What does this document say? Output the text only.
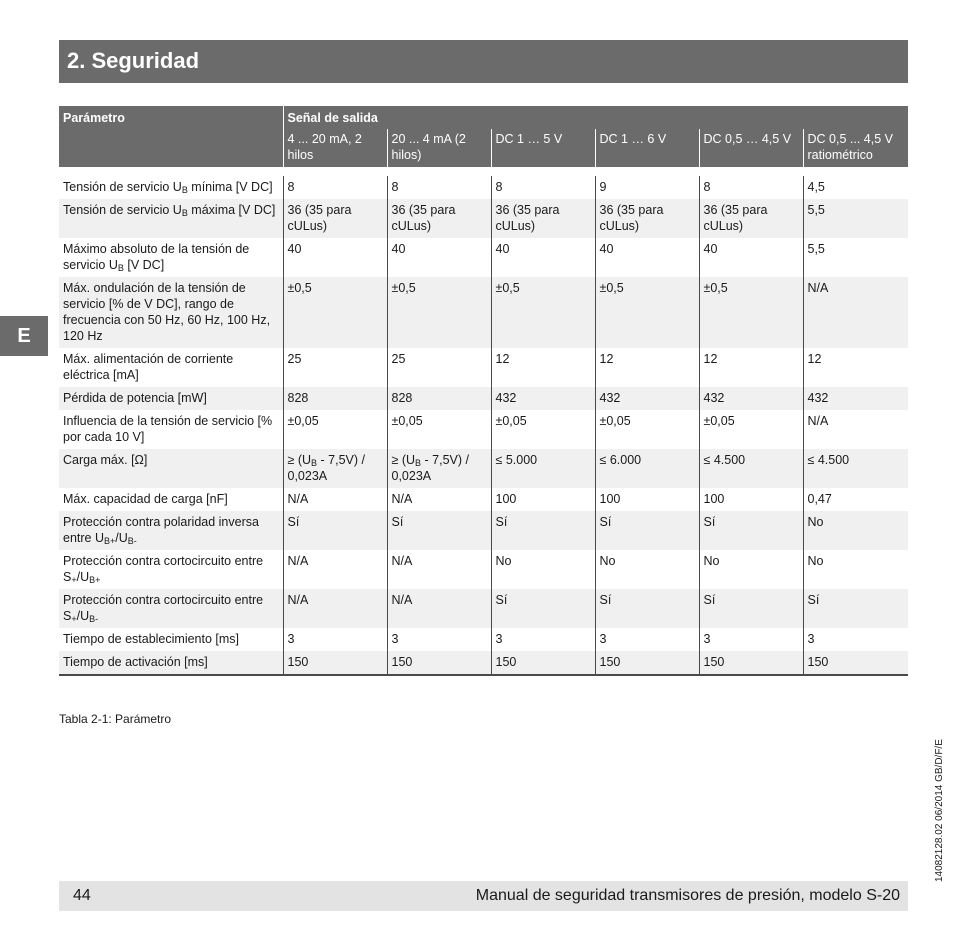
2. Seguridad
E
Parámetro	Señal de salida					
	4 ... 20 mA, 2 hilos	20 ... 4 mA (2 hilos)	DC 1 … 5 V	DC 1 … 6 V	DC 0,5 … 4,5 V	DC 0,5 ... 4,5 V ratiométrico

Tensión de servicio $U_B$ mínima [V DC]	8	8	8	9	8	4,5
Tensión de servicio $U_B$ máxima [V DC]	36 (35 para cULus)	36 (35 para cULus)	36 (35 para cULus)	36 (35 para cULus)	36 (35 para cULus)	5,5
Máximo absoluto de la tensión de servicio $U_B$ [V DC]	40	40	40	40	40	5,5
Máx. ondulación de la tensión de servicio [% de V DC], rango de frecuencia con 50 Hz, 60 Hz, 100 Hz, 120 Hz	±0,5	±0,5	±0,5	±0,5	±0,5	N/A
Máx. alimentación de corriente eléctrica [mA]	25	25	12	12	12	12
Pérdida de potencia [mW]	828	828	432	432	432	432
Influencia de la tensión de servicio [% por cada 10 V]	±0,05	±0,05	±0,05	±0,05	±0,05	N/A
Carga máx. [Ω]	≥ $(U_B - 7,5V) / 0,023A$	≥ $(U_B - 7,5V) / 0,023A$	≤ 5.000	≤ 6.000	≤ 4.500	≤ 4.500
Máx. capacidad de carga [nF]	N/A	N/A	100	100	100	0,47
Protección contra polaridad inversa entre $U_{B+}/U_{B-}$	Sí	Sí	Sí	Sí	Sí	No
Protección contra cortocircuito entre $S_+/U_{B+}$	N/A	N/A	No	No	No	No
Protección contra cortocircuito entre $S_+/U_{B-}$	N/A	N/A	Sí	Sí	Sí	Sí
Tiempo de establecimiento [ms]	3	3	3	3	3	3
Tiempo de activación [ms]	150	150	150	150	150	150
Tabla 2-1: Parámetro
14082128.02 06/2014 GB/D/F/E
44	Manual de seguridad transmisores de presión, modelo S-20
